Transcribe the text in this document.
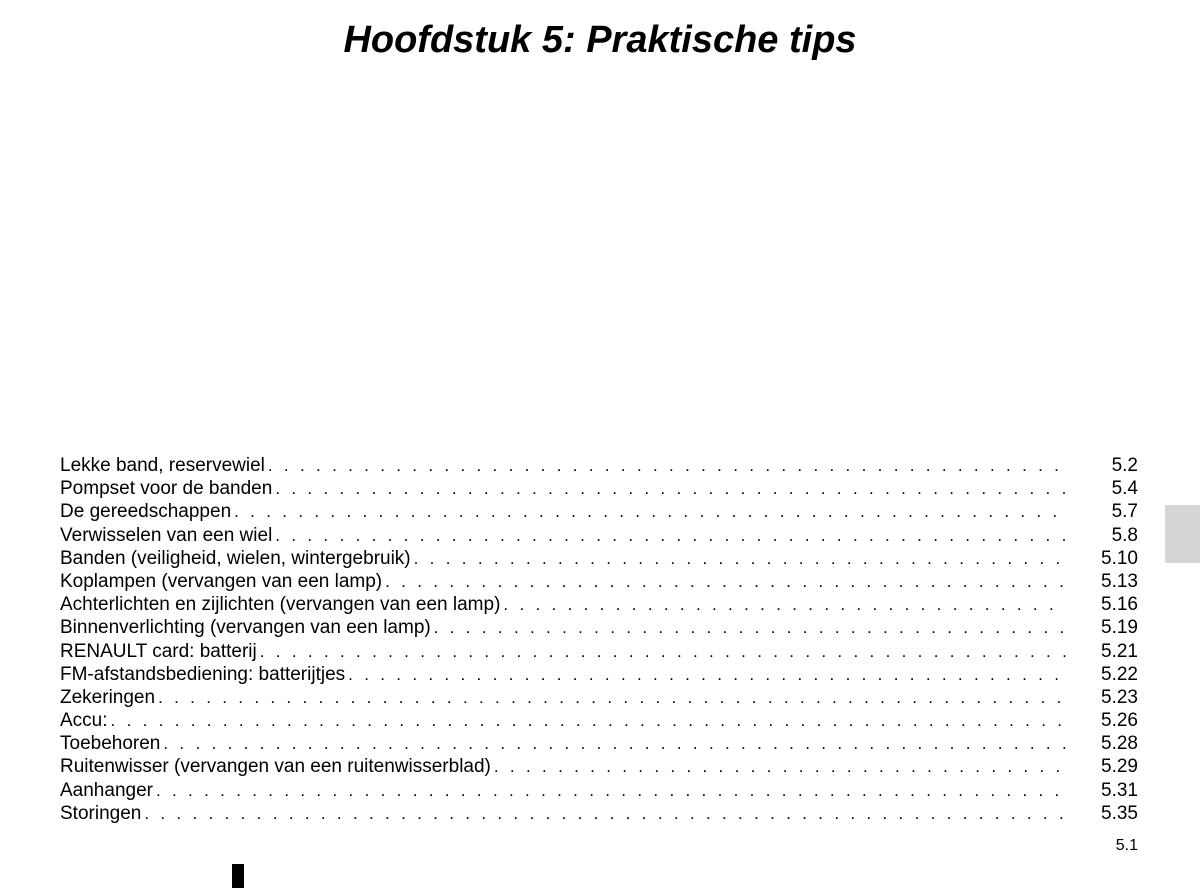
Hoofdstuk 5: Praktische tips
Lekke band, reservewiel . . .	5.2
Pompset voor de banden . . .	5.4
De gereedschappen . . .	5.7
Verwisselen van een wiel . . .	5.8
Banden (veiligheid, wielen, wintergebruik) . . .	5.10
Koplampen (vervangen van een lamp) . . .	5.13
Achterlichten en zijlichten (vervangen van een lamp) . . .	5.16
Binnenverlichting (vervangen van een lamp) . . .	5.19
RENAULT card: batterij . . .	5.21
FM-afstandsbediening: batterijtjes . . .	5.22
Zekeringen . . .	5.23
Accu: . . .	5.26
Toebehoren . . .	5.28
Ruitenwisser (vervangen van een ruitenwisserblad) . . .	5.29
Aanhanger . . .	5.31
Storingen . . .	5.35
5.1
